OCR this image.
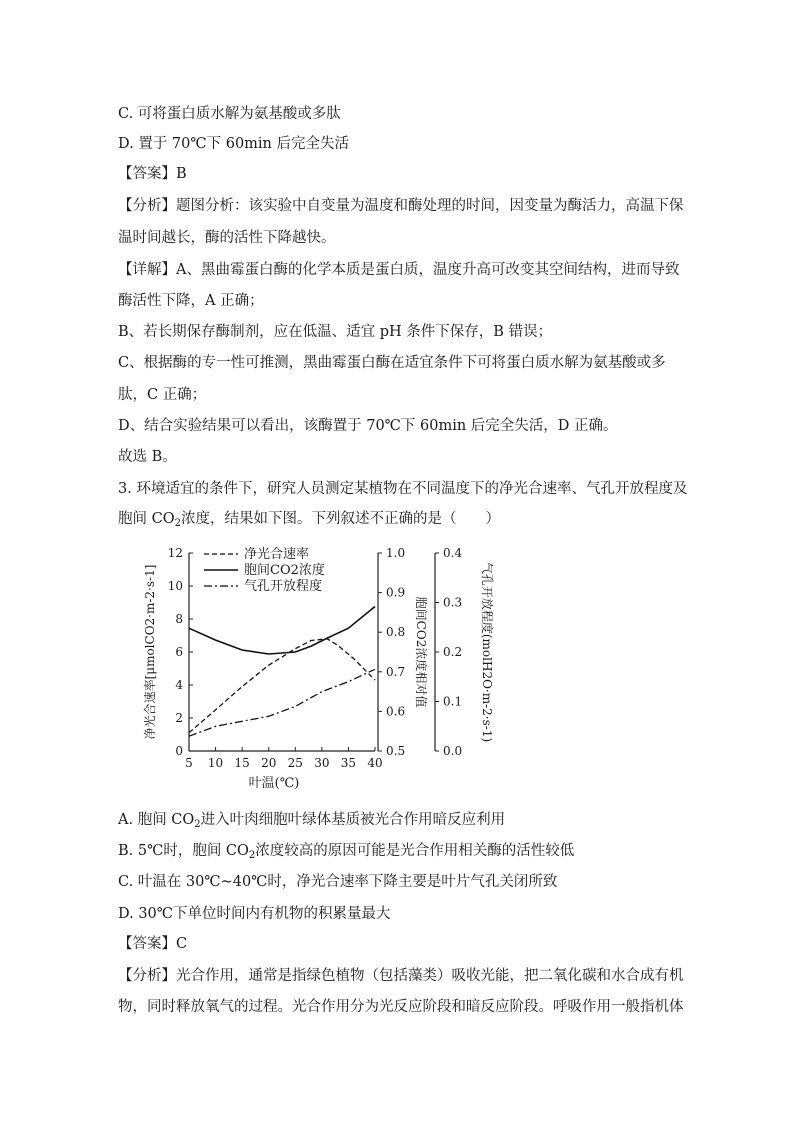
C. 可将蛋白质水解为氨基酸或多肽
D. 置于 70℃下 60min 后完全失活
【答案】B
【分析】题图分析：该实验中自变量为温度和酶处理的时间，因变量为酶活力，高温下保
温时间越长，酶的活性下降越快。
【详解】A、黑曲霉蛋白酶的化学本质是蛋白质，温度升高可改变其空间结构，进而导致
酶活性下降，A 正确；
B、若长期保存酶制剂，应在低温、适宜 pH 条件下保存，B 错误；
C、根据酶的专一性可推测，黑曲霉蛋白酶在适宜条件下可将蛋白质水解为氨基酸或多
肽，C 正确；
D、结合实验结果可以看出，该酶置于 70℃下 60min 后完全失活，D 正确。
故选 B。
3. 环境适宜的条件下，研究人员测定某植物在不同温度下的净光合速率、气孔开放程度及
胞间 $CO_2$浓度，结果如下图。下列叙述不正确的是（　　）
0
2
4
6
8
10
12
0.5
0.6
0.7
0.8
0.9
1.0
0.0
0.1
0.2
0.3
0.4
5 10 15 20 25 30 35 40
净光合速率
胞间CO2浓度
气孔开放程度
叶温(℃)
净光合速率[μmolCO2·m-2·s-1]	胞间CO2浓度相对值	气孔开放程度(molH2O·m-2·s-1)
A. 胞间 $CO_2$进入叶肉细胞叶绿体基质被光合作用暗反应利用
B. 5℃时，胞间 $CO_2$浓度较高的原因可能是光合作用相关酶的活性较低
C. 叶温在 30℃~40℃时，净光合速率下降主要是叶片气孔关闭所致
D. 30℃下单位时间内有机物的积累量最大
【答案】C
【分析】光合作用，通常是指绿色植物（包括藻类）吸收光能，把二氧化碳和水合成有机
物，同时释放氧气的过程。光合作用分为光反应阶段和暗反应阶段。呼吸作用一般指机体
